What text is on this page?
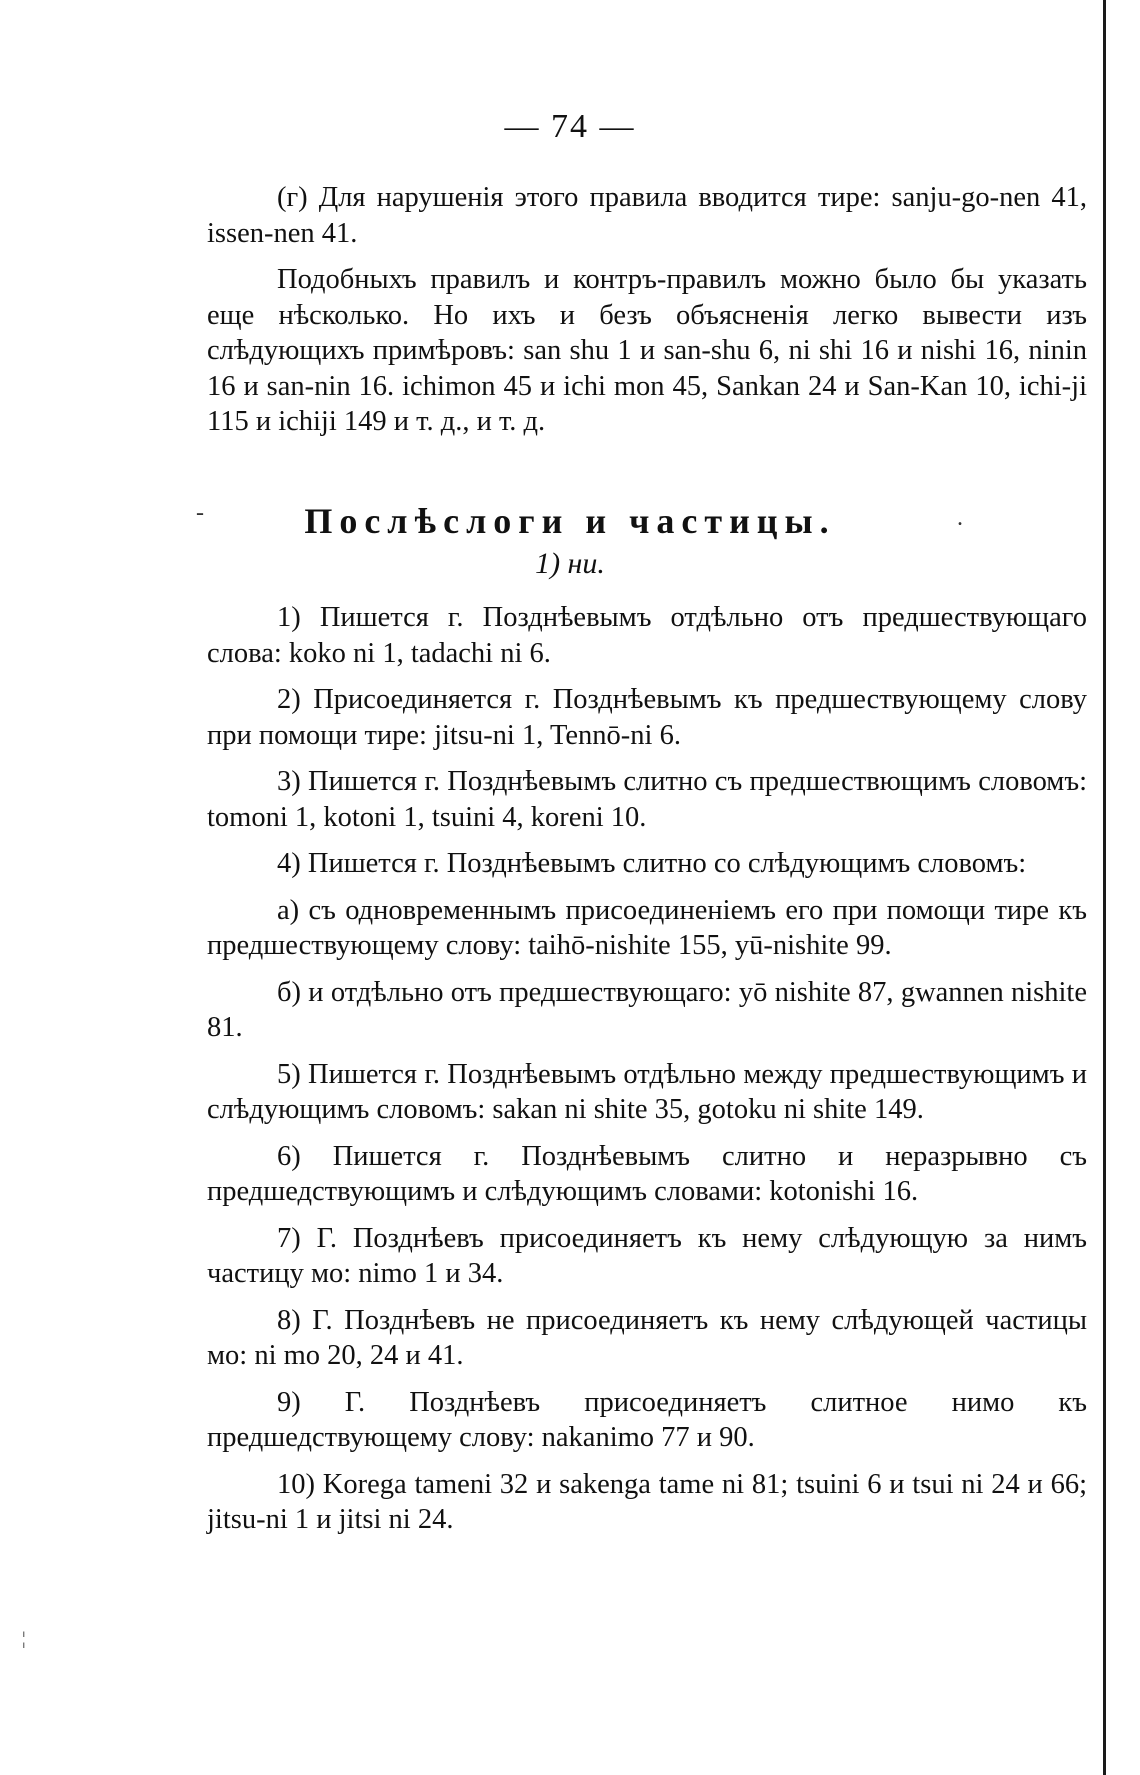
— 74 —

(г) Для нарушенія этого правила вводится тире: sanju-go-nen 41, issen-nen 41.

Подобныхъ правилъ и контръ-правилъ можно было бы указать еще нѣсколько. Но ихъ и безъ объясненія легко вывести изъ слѣдующихъ примѣровъ: san shu 1 и san-shu 6, ni shi 16 и nishi 16, ninin 16 и san-nin 16. ichimon 45 и ichi mon 45, Sankan 24 и San-Kan 10, ichi-ji 115 и ichiji 149 и т. д., и т. д.

-	Послѣслоги и частицы.	.
1) ни.

1) Пишется г. Позднѣевымъ отдѣльно отъ предшествующаго слова: koko ni 1, tadachi ni 6.

2) Присоединяется г. Позднѣевымъ къ предшествующему слову при помощи тире: jitsu-ni 1, Tennō-ni 6.

3) Пишется г. Позднѣевымъ слитно съ предшествющимъ словомъ: tomoni 1, kotoni 1, tsuini 4, koreni 10.

4) Пишется г. Позднѣевымъ слитно со слѣдующимъ словомъ:

а) съ одновременнымъ присоединеніемъ его при помощи тире къ предшествующему слову: taihō-nishite 155, yū-nishite 99.

б) и отдѣльно отъ предшествующаго: yō nishite 87, gwannen nishite 81.

5) Пишется г. Позднѣевымъ отдѣльно между предшествующимъ и слѣдующимъ словомъ: sakan ni shite 35, gotoku ni shite 149.

6) Пишется г. Позднѣевымъ слитно и неразрывно съ предшедствующимъ и слѣдующимъ словами: kotonishi 16.

7) Г. Позднѣевъ присоединяетъ къ нему слѣдующую за нимъ частицу мо: nimo 1 и 34.

8) Г. Позднѣевъ не присоединяетъ къ нему слѣдующей частицы мо: ni mo 20, 24 и 41.

9) Г. Позднѣевъ присоединяетъ слитное нимо къ предшедствующему слову: nakanimo 77 и 90.

10) Korega tameni 32 и sakenga tame ni 81; tsuini 6 и tsui ni 24 и 66; jitsu-ni 1 и jitsi ni 24.

¦
